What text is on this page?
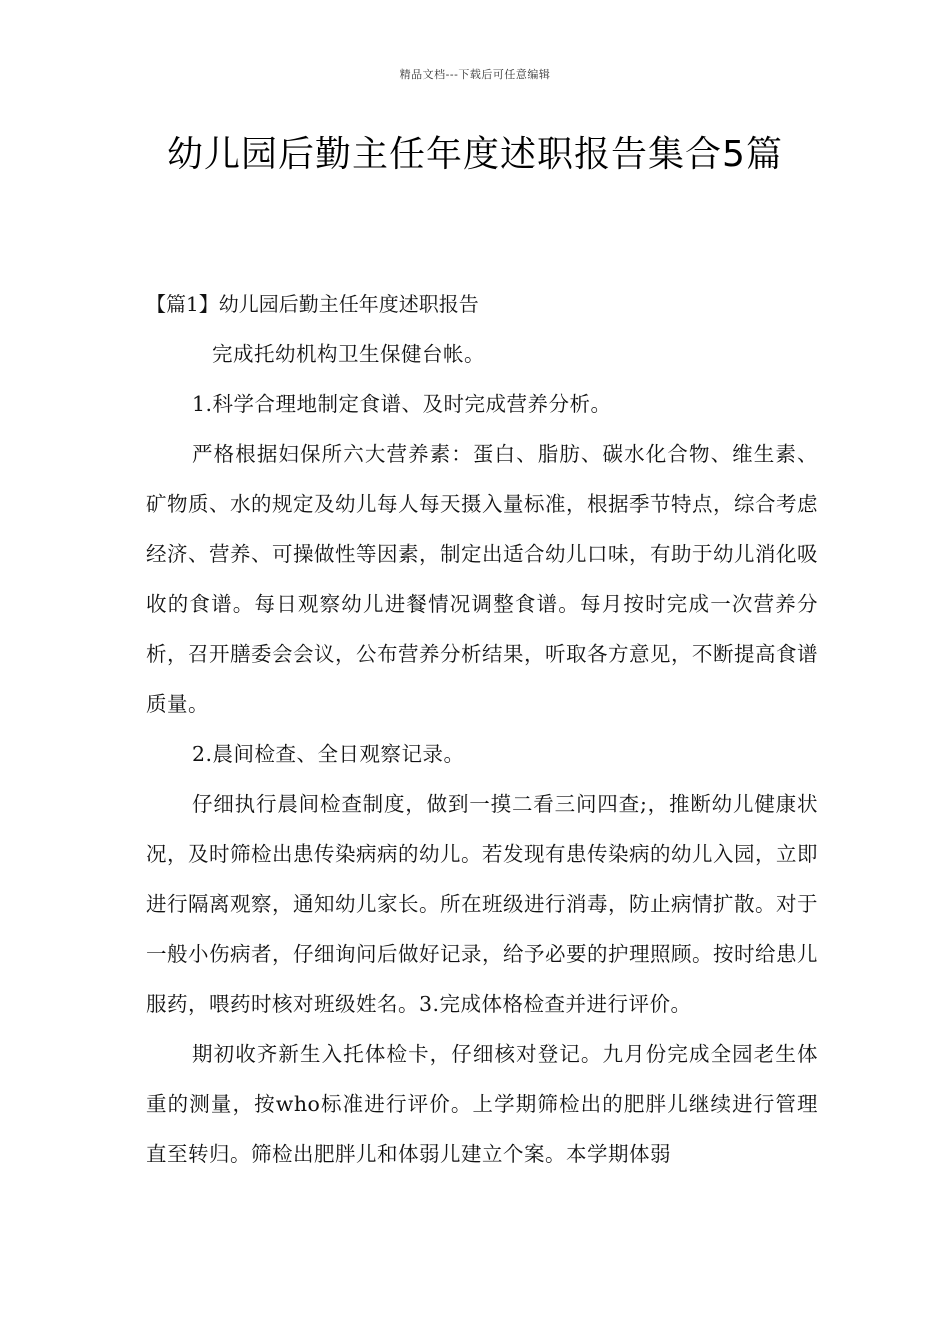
精品文档---下载后可任意编辑
幼儿园后勤主任年度述职报告集合5篇

【篇1】幼儿园后勤主任年度述职报告

完成托幼机构卫生保健台帐。

1.科学合理地制定食谱、及时完成营养分析。

严格根据妇保所六大营养素：蛋白、脂肪、碳水化合物、维生素、矿物质、水的规定及幼儿每人每天摄入量标准，根据季节特点，综合考虑经济、营养、可操做性等因素，制定出适合幼儿口味，有助于幼儿消化吸收的食谱。每日观察幼儿进餐情况调整食谱。每月按时完成一次营养分析，召开膳委会会议，公布营养分析结果，听取各方意见，不断提高食谱质量。

2.晨间检查、全日观察记录。

仔细执行晨间检查制度，做到一摸二看三问四查;，推断幼儿健康状况，及时筛检出患传染病病的幼儿。若发现有患传染病的幼儿入园，立即进行隔离观察，通知幼儿家长。所在班级进行消毒，防止病情扩散。对于一般小伤病者，仔细询问后做好记录，给予必要的护理照顾。按时给患儿服药，喂药时核对班级姓名。3.完成体格检查并进行评价。

期初收齐新生入托体检卡，仔细核对登记。九月份完成全园老生体重的测量，按who标准进行评价。上学期筛检出的肥胖儿继续进行管理直至转归。筛检出肥胖儿和体弱儿建立个案。本学期体弱
